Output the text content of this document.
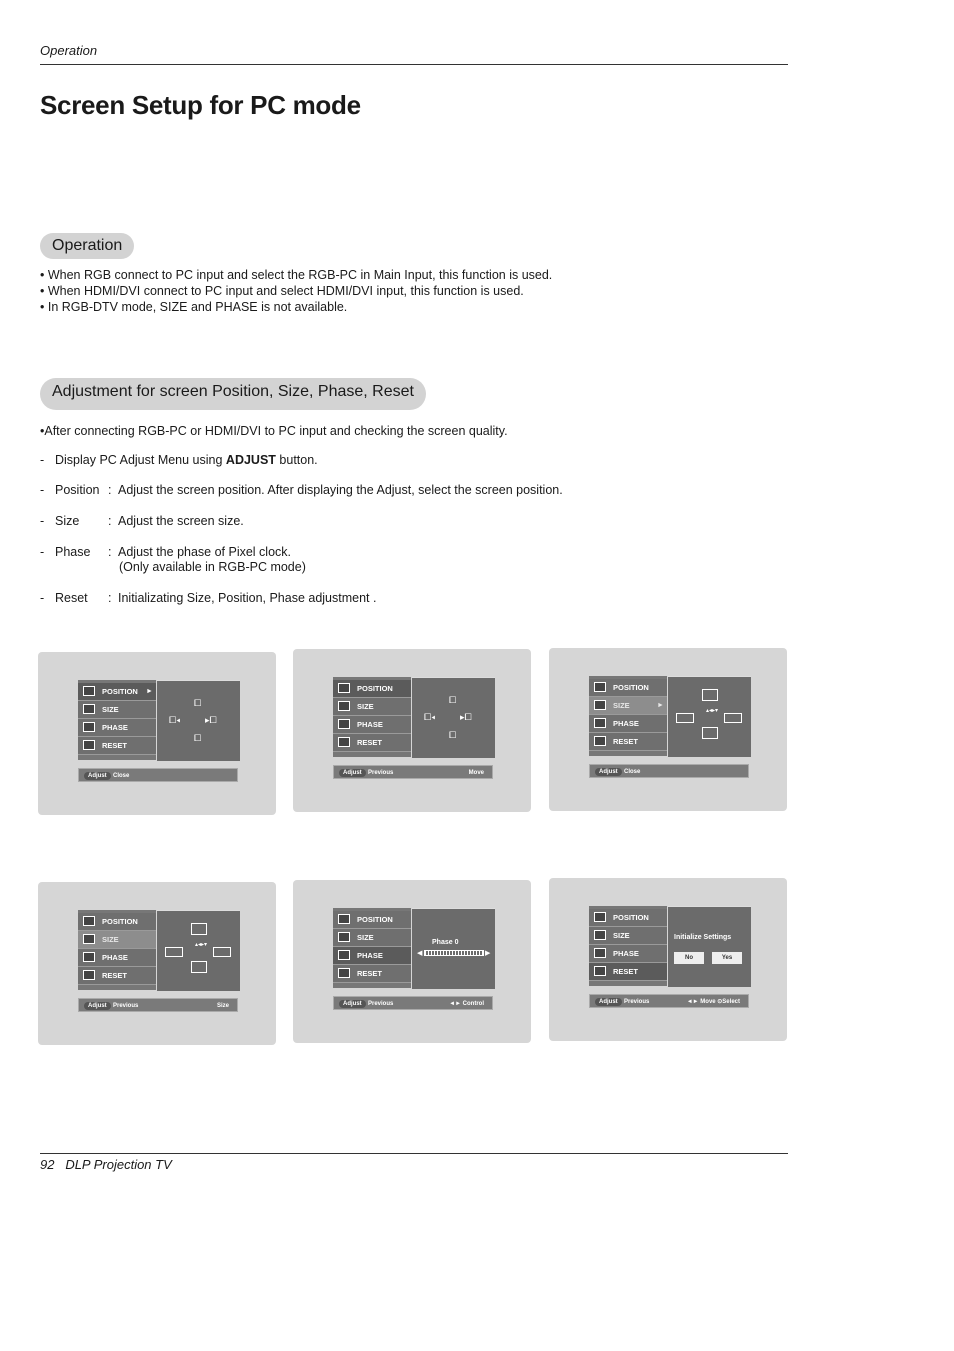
Operation
Screen Setup for PC mode
Operation
• When RGB connect to PC input and select the RGB-PC in Main Input, this function is used.
• When HDMI/DVI connect to PC input and select HDMI/DVI input, this function is used.
• In RGB-DTV mode, SIZE and PHASE is not available.
Adjustment for screen Position, Size, Phase, Reset
•After connecting RGB-PC or HDMI/DVI to PC input and checking the screen quality.
- Display PC Adjust Menu using ADJUST button.
- Position : Adjust the screen position. After displaying the Adjust, select the screen position.
- Size : Adjust the screen size.
- Phase : Adjust the phase of Pixel clock.
(Only available in RGB-PC mode)
- Reset : Initializating Size, Position, Phase adjustment .
POSITION ►
SIZE
PHASE
RESET
⧠
⧠◂	▸⧠
⧠
Adjust	Close
POSITION
SIZE
PHASE
RESET
⧠
⧠◂	▸⧠
⧠
Adjust	Previous	Move
POSITION
SIZE	►
PHASE
RESET
▴◂▸▾
Adjust	Close
POSITION
SIZE
PHASE
RESET
▴◂▸▾
Adjust	Previous	Size
POSITION
SIZE
PHASE
RESET
Phase 0
◀	▶
Adjust	Previous	◄► Control
POSITION
SIZE
PHASE
RESET
Initialize Settings
No	Yes
Adjust	Previous	◄► Move ⊙Select
92 DLP Projection TV
